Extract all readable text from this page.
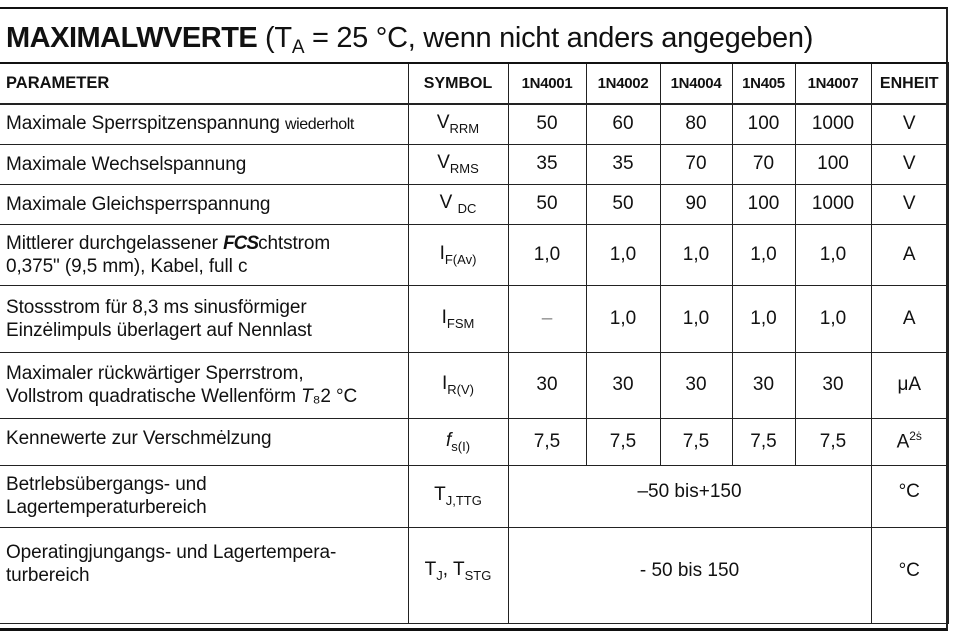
MAXIMALWVERTE ($T_A = 25$ °C, wenn nicht anders angegeben)
PARAMETER	SYMBOL	1N4001	1N4002	1N4004	1N405	1N4007	ENHEIT
Maximale Sperrspitzenspannung wiederholt	$V_{RRM}$	50	60	80	100	1000	V
Maximale Wechselspannung	$V_{RMS}$	35	35	70	70	100	V
Maximale Gleichsperrspannung	V $_{DC}$	50	50	90	100	1000	V
Mittlerer durchgelassener FCSchtstrom
0,375" (9,5 mm), Kabel, full c	$I_{F(Av)}$	1,0	1,0	1,0	1,0	1,0	A
Stossstrom für 8,3 ms sinusförmiger
Einzėlimpuls überlagert auf Nennlast	$I_{FSM}$	–	1,0	1,0	1,0	1,0	A
Maximaler rückwärtiger Sperrstrom,
Vollstrom quadratische Wellenförm T₈2 °C	$I_{R(V)}$	30	30	30	30	30	μA
Kennewerte zur Verschmėlzung	$f_{s(I)}$	7,5	7,5	7,5	7,5	7,5	$A^{2ṡ}$
Betrlebsübergangs- und
Lagertemperaturbereich	$T_{J,TTG}$	–50 bis+150					°C
Operatingjungangs- und Lagertempera-
turbereich	$T_J$, $T_{STG}$	- 50 bis 150					°C
